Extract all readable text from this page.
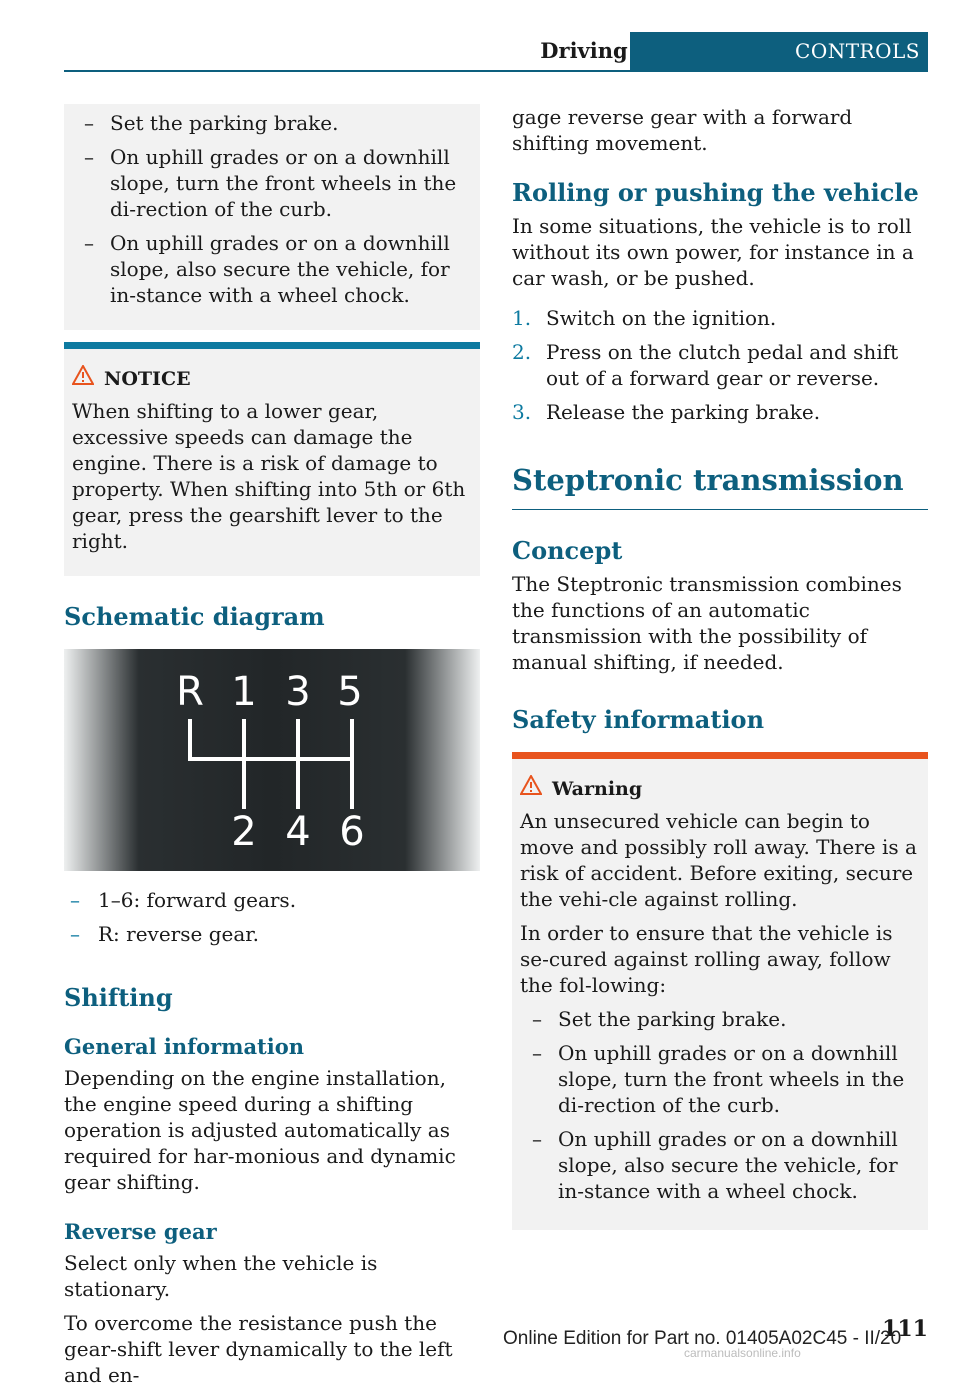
Driving	CONTROLS
– Set the parking brake.
– On uphill grades or on a downhill slope, turn the front wheels in the di-rection of the curb.
– On uphill grades or on a downhill slope, also secure the vehicle, for in-stance with a wheel chock.
NOTICE

When shifting to a lower gear, excessive speeds can damage the engine. There is a risk of damage to property. When shifting into 5th or 6th gear, press the gearshift lever to the right.

Schematic diagram
R 1 3 5
2 4 6
– 1–6: forward gears.
– R: reverse gear.
Shifting
General information

Depending on the engine installation, the engine speed during a shifting operation is adjusted automatically as required for har-monious and dynamic gear shifting.

Reverse gear

Select only when the vehicle is stationary.

To overcome the resistance push the gear-shift lever dynamically to the left and en-

gage reverse gear with a forward shifting movement.

Rolling or pushing the vehicle

In some situations, the vehicle is to roll without its own power, for instance in a car wash, or be pushed.

1. Switch on the ignition.
2. Press on the clutch pedal and shift out of a forward gear or reverse.
3. Release the parking brake.
Steptronic transmission
Concept

The Steptronic transmission combines the functions of an automatic transmission with the possibility of manual shifting, if needed.

Safety information
Warning

An unsecured vehicle can begin to move and possibly roll away. There is a risk of accident. Before exiting, secure the vehi-cle against rolling.

In order to ensure that the vehicle is se-cured against rolling away, follow the fol-lowing:

– Set the parking brake.
– On uphill grades or on a downhill slope, turn the front wheels in the di-rection of the curb.
– On uphill grades or on a downhill slope, also secure the vehicle, for in-stance with a wheel chock.
111
Online Edition for Part no. 01405A02C45 - II/20
carmanualsonline.info
